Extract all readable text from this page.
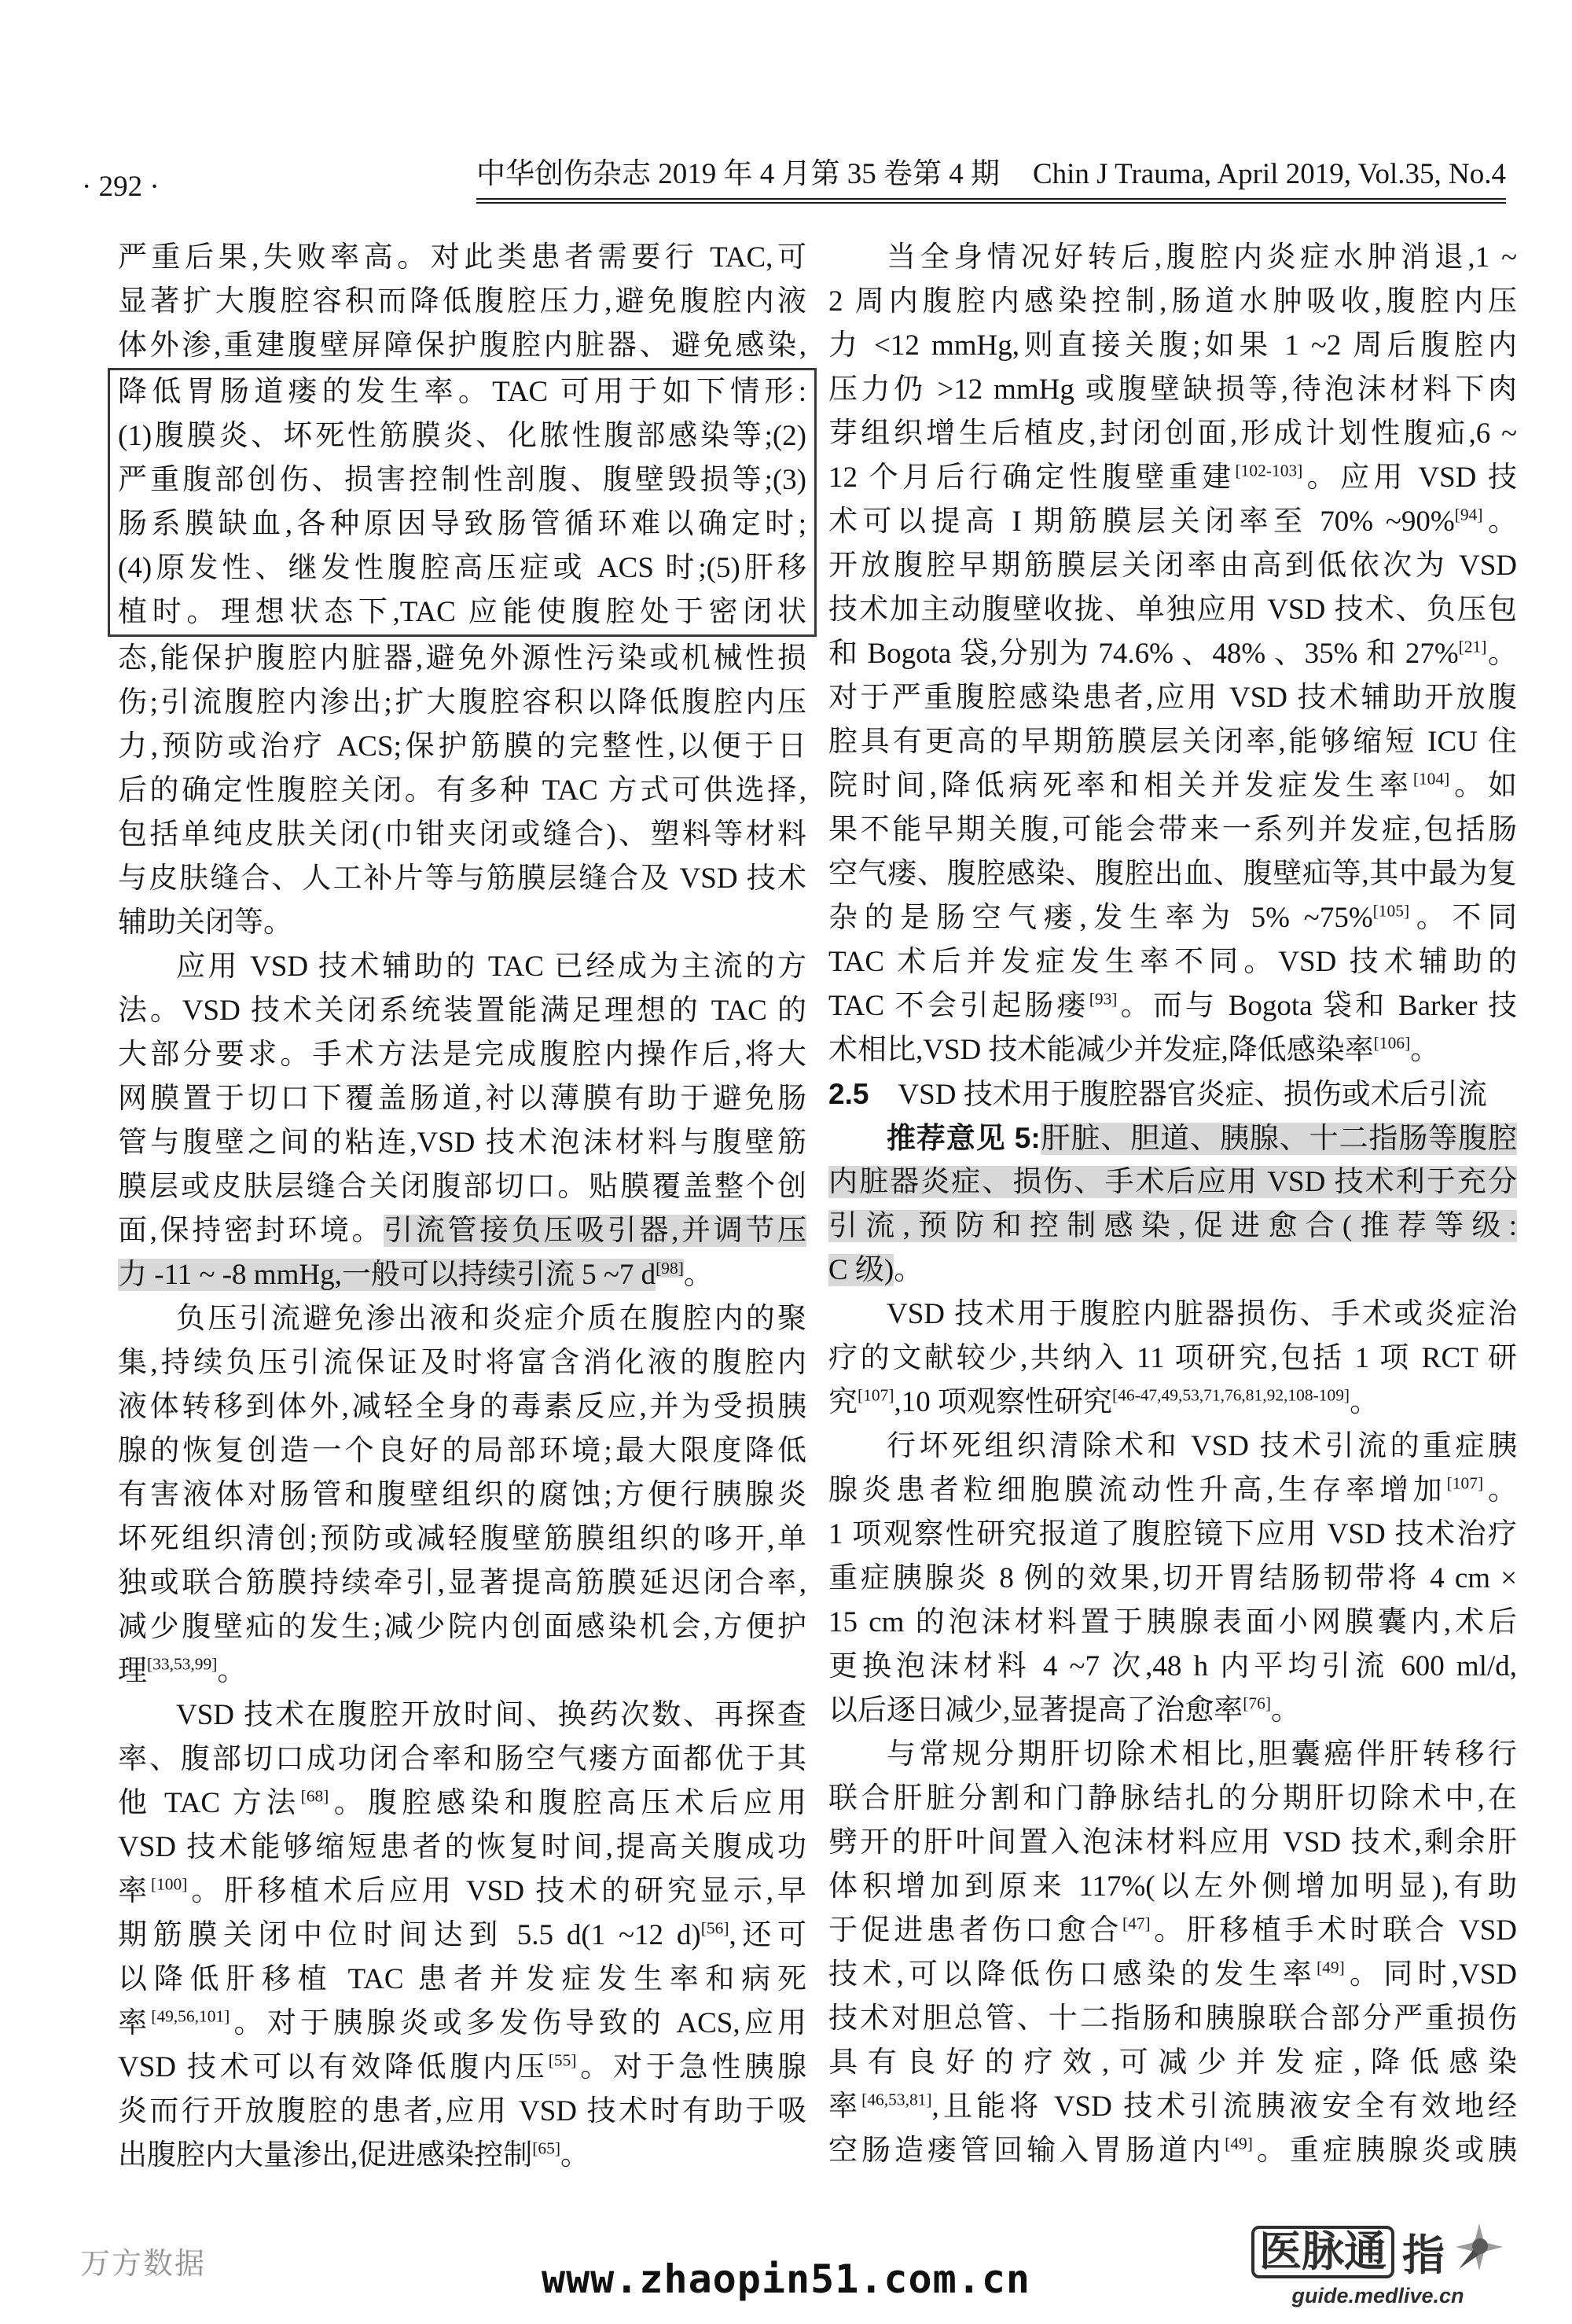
· 292 ·	中华创伤杂志 2019 年 4 月第 35 卷第 4 期 Chin J Trauma, April 2019, Vol.35, No.4
严重后果,失败率高。对此类患者需要行 TAC,可
显著扩大腹腔容积而降低腹腔压力,避免腹腔内液
体外渗,重建腹壁屏障保护腹腔内脏器、避免感染,
降低胃肠道瘘的发生率。TAC 可用于如下情形:
(1)腹膜炎、坏死性筋膜炎、化脓性腹部感染等;(2)
严重腹部创伤、损害控制性剖腹、腹壁毁损等;(3)
肠系膜缺血,各种原因导致肠管循环难以确定时;
(4)原发性、继发性腹腔高压症或 ACS 时;(5)肝移
植时。理想状态下,TAC 应能使腹腔处于密闭状
态,能保护腹腔内脏器,避免外源性污染或机械性损
伤;引流腹腔内渗出;扩大腹腔容积以降低腹腔内压
力,预防或治疗 ACS;保护筋膜的完整性,以便于日
后的确定性腹腔关闭。有多种 TAC 方式可供选择,
包括单纯皮肤关闭(巾钳夹闭或缝合)、塑料等材料
与皮肤缝合、人工补片等与筋膜层缝合及 VSD 技术
辅助关闭等。
应用 VSD 技术辅助的 TAC 已经成为主流的方
法。VSD 技术关闭系统装置能满足理想的 TAC 的
大部分要求。手术方法是完成腹腔内操作后,将大
网膜置于切口下覆盖肠道,衬以薄膜有助于避免肠
管与腹壁之间的粘连,VSD 技术泡沫材料与腹壁筋
膜层或皮肤层缝合关闭腹部切口。贴膜覆盖整个创
面,保持密封环境。引流管接负压吸引器,并调节压
力 -11 ~ -8 mmHg,一般可以持续引流 5 ~7 d[98]。
负压引流避免渗出液和炎症介质在腹腔内的聚
集,持续负压引流保证及时将富含消化液的腹腔内
液体转移到体外,减轻全身的毒素反应,并为受损胰
腺的恢复创造一个良好的局部环境;最大限度降低
有害液体对肠管和腹壁组织的腐蚀;方便行胰腺炎
坏死组织清创;预防或减轻腹壁筋膜组织的哆开,单
独或联合筋膜持续牵引,显著提高筋膜延迟闭合率,
减少腹壁疝的发生;减少院内创面感染机会,方便护
理[33,53,99]。
VSD 技术在腹腔开放时间、换药次数、再探查
率、腹部切口成功闭合率和肠空气瘘方面都优于其
他 TAC 方法[68]。腹腔感染和腹腔高压术后应用
VSD 技术能够缩短患者的恢复时间,提高关腹成功
率[100]。肝移植术后应用 VSD 技术的研究显示,早
期筋膜关闭中位时间达到 5.5 d(1 ~12 d)[56],还可
以降低肝移植 TAC 患者并发症发生率和病死
率[49,56,101]。对于胰腺炎或多发伤导致的 ACS,应用
VSD 技术可以有效降低腹内压[55]。对于急性胰腺
炎而行开放腹腔的患者,应用 VSD 技术时有助于吸
出腹腔内大量渗出,促进感染控制[65]。
当全身情况好转后,腹腔内炎症水肿消退,1 ~
2 周内腹腔内感染控制,肠道水肿吸收,腹腔内压
力 <12 mmHg,则直接关腹;如果 1 ~2 周后腹腔内
压力仍 >12 mmHg 或腹壁缺损等,待泡沫材料下肉
芽组织增生后植皮,封闭创面,形成计划性腹疝,6 ~
12 个月后行确定性腹壁重建[102-103]。应用 VSD 技
术可以提高 I 期筋膜层关闭率至 70% ~90%[94]。
开放腹腔早期筋膜层关闭率由高到低依次为 VSD
技术加主动腹壁收拢、单独应用 VSD 技术、负压包
和 Bogota 袋,分别为 74.6% 、48% 、35% 和 27%[21]。
对于严重腹腔感染患者,应用 VSD 技术辅助开放腹
腔具有更高的早期筋膜层关闭率,能够缩短 ICU 住
院时间,降低病死率和相关并发症发生率[104]。如
果不能早期关腹,可能会带来一系列并发症,包括肠
空气瘘、腹腔感染、腹腔出血、腹壁疝等,其中最为复
杂的是肠空气瘘,发生率为 5% ~75%[105]。不同
TAC 术后并发症发生率不同。VSD 技术辅助的
TAC 不会引起肠瘘[93]。而与 Bogota 袋和 Barker 技
术相比,VSD 技术能减少并发症,降低感染率[106]。
2.5　VSD 技术用于腹腔器官炎症、损伤或术后引流
推荐意见 5:肝脏、胆道、胰腺、十二指肠等腹腔
内脏器炎症、损伤、手术后应用 VSD 技术利于充分
引流,预防和控制感染,促进愈合(推荐等级:
C 级)。
VSD 技术用于腹腔内脏器损伤、手术或炎症治
疗的文献较少,共纳入 11 项研究,包括 1 项 RCT 研
究[107],10 项观察性研究[46-47,49,53,71,76,81,92,108-109]。
行坏死组织清除术和 VSD 技术引流的重症胰
腺炎患者粒细胞膜流动性升高,生存率增加[107]。
1 项观察性研究报道了腹腔镜下应用 VSD 技术治疗
重症胰腺炎 8 例的效果,切开胃结肠韧带将 4 cm ×
15 cm 的泡沫材料置于胰腺表面小网膜囊内,术后
更换泡沫材料 4 ~7 次,48 h 内平均引流 600 ml/d,
以后逐日减少,显著提高了治愈率[76]。
与常规分期肝切除术相比,胆囊癌伴肝转移行
联合肝脏分割和门静脉结扎的分期肝切除术中,在
劈开的肝叶间置入泡沫材料应用 VSD 技术,剩余肝
体积增加到原来 117%(以左外侧增加明显),有助
于促进患者伤口愈合[47]。肝移植手术时联合 VSD
技术,可以降低伤口感染的发生率[49]。同时,VSD
技术对胆总管、十二指肠和胰腺联合部分严重损伤
具有良好的疗效,可减少并发症,降低感染
率[46,53,81],且能将 VSD 技术引流胰液安全有效地经
空肠造瘘管回输入胃肠道内[49]。重症胰腺炎或胰
万方数据	www.zhaopin51.com.cn
医脉通 指
guide.medlive.cn
